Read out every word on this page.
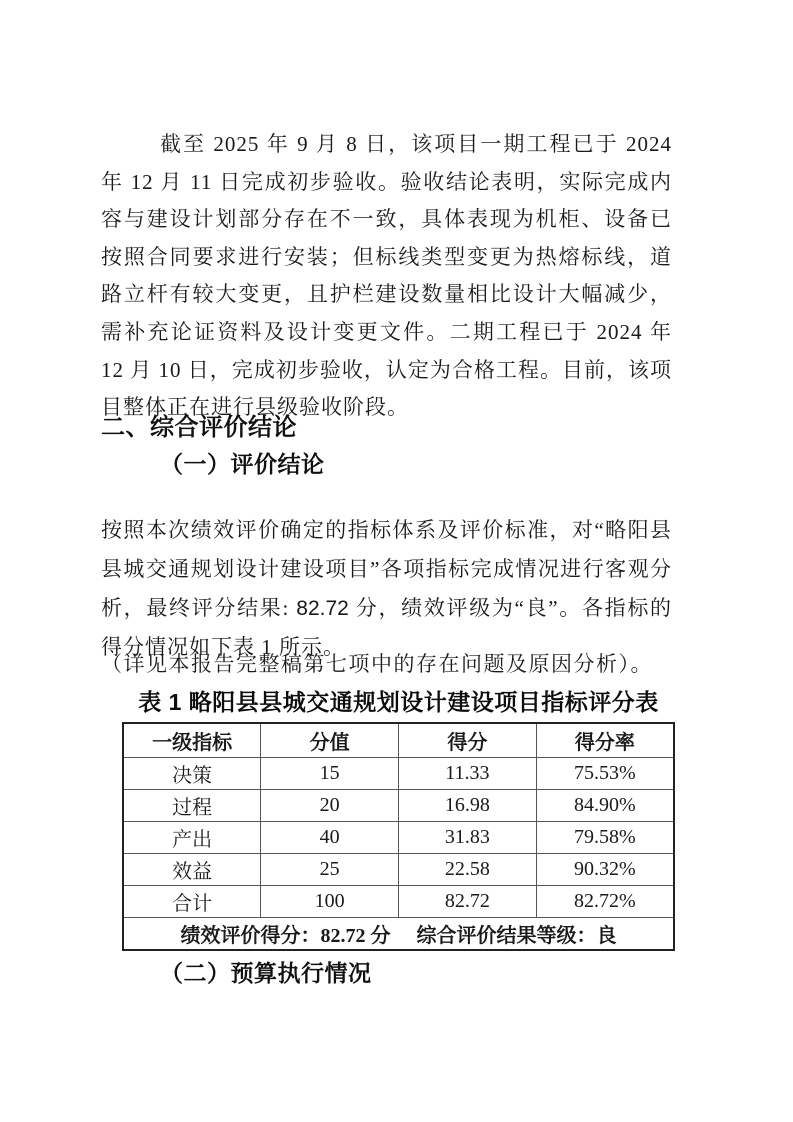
截至 2025 年 9 月 8 日，该项目一期工程已于 2024 年 12 月 11 日完成初步验收。验收结论表明，实际完成内容与建设计划部分存在不一致，具体表现为机柜、设备已按照合同要求进行安装；但标线类型变更为热熔标线，道路立杆有较大变更，且护栏建设数量相比设计大幅减少，需补充论证资料及设计变更文件。二期工程已于 2024 年 12 月 10 日，完成初步验收，认定为合格工程。目前，该项目整体正在进行县级验收阶段。

二、综合评价结论
（一）评价结论

按照本次绩效评价确定的指标体系及评价标准，对“略阳县县城交通规划设计建设项目”各项指标完成情况进行客观分析，最终评分结果: 82.72 分，绩效评级为“良”。各指标的得分情况如下表 1 所示。

（详见本报告完整稿第七项中的存在问题及原因分析）。
表 1 略阳县县城交通规划设计建设项目指标评分表
一级指标	分值	得分	得分率
决策	15	11.33	75.53%
过程	20	16.98	84.90%
产出	40	31.83	79.58%
效益	25	22.58	90.32%
合计	100	82.72	82.72%
绩效评价得分：82.72 分 综合评价结果等级：良			
（二）预算执行情况
